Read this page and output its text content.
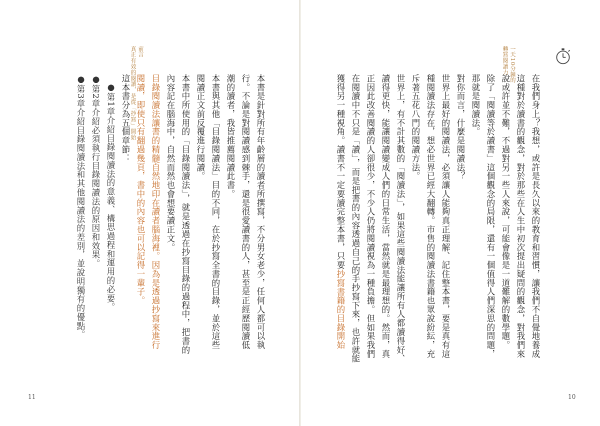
前言
真正有效的閱讀，是從「抄寫」開始	本書是針對所有年齡層的讀者所撰寫，不分男女老少，任何人都可以執行。不論是對閱讀感到棘手，還是很愛讀書的人，甚至是正經歷閱讀低潮的讀者，我皆推薦閱讀此書。

本書與其他「目錄閱讀法」目的不同，在於抄寫全書的目錄，並於這些閱讀正文前反覆進行閱讀。

本書中所使用的「目錄閱讀法」，就是透過在抄寫目錄的過程中，把書的內容記在腦海中，自然而然也會想要讀正文。

目錄閱讀法讓書的精髓自然地印在讀者腦海裡。因為是透過抄寫來進行閱讀，即使只有翻過幾頁，書中的內容也可以記得一輩子。

這本書分為五個章節：

●第1章介紹目錄閱讀法的意義、構思過程和運用的必要。

●第2章介紹必須執行目錄閱讀法的原因和效果。

●第3章介紹目錄閱讀法和其他閱讀法的差別，並說明獨有的優點。

11
一天10分鐘的
轉寫閱讀力

在我們身上？我想，或許是長久以來的教育和習慣，讓我們不自覺地養成這種對於讀書的觀念，對於那些在人生中初次提出疑問的觀念，對我們來說或許並不難，不過對另一些人來說，可能會像是一道難解的數學題。

除了「閱讀等於讀書」這個觀念的局限，還有一個值得人們深思的問題，那就是閱讀法。

對你而言，什麼是閱讀法？

世界上最好的閱讀法，必須讓人能夠真正理解、記住整本書，要是真有這種閱讀法存在，想必世界已經大翻轉。市售的閱讀法書籍也眾說紛紜，充斥著五花八門的閱讀方法。

世界上，有不計其數的「閱讀法」，如果這些閱讀法能讓所有人都讀得好、讀得更快，能讓閱讀變成人們的日常生活，當然就是最理想的。然而，真正因此改善閱讀的人卻很少，不少人仍將閱讀視為一種負擔。但如果我們在閱讀中不只是「讀」，而是把書的內容透過自己的手抄寫下來，也許就能獲得另一種視角。讀書不一定要讀完整本書，只要抄寫書籍的目錄開始

10
